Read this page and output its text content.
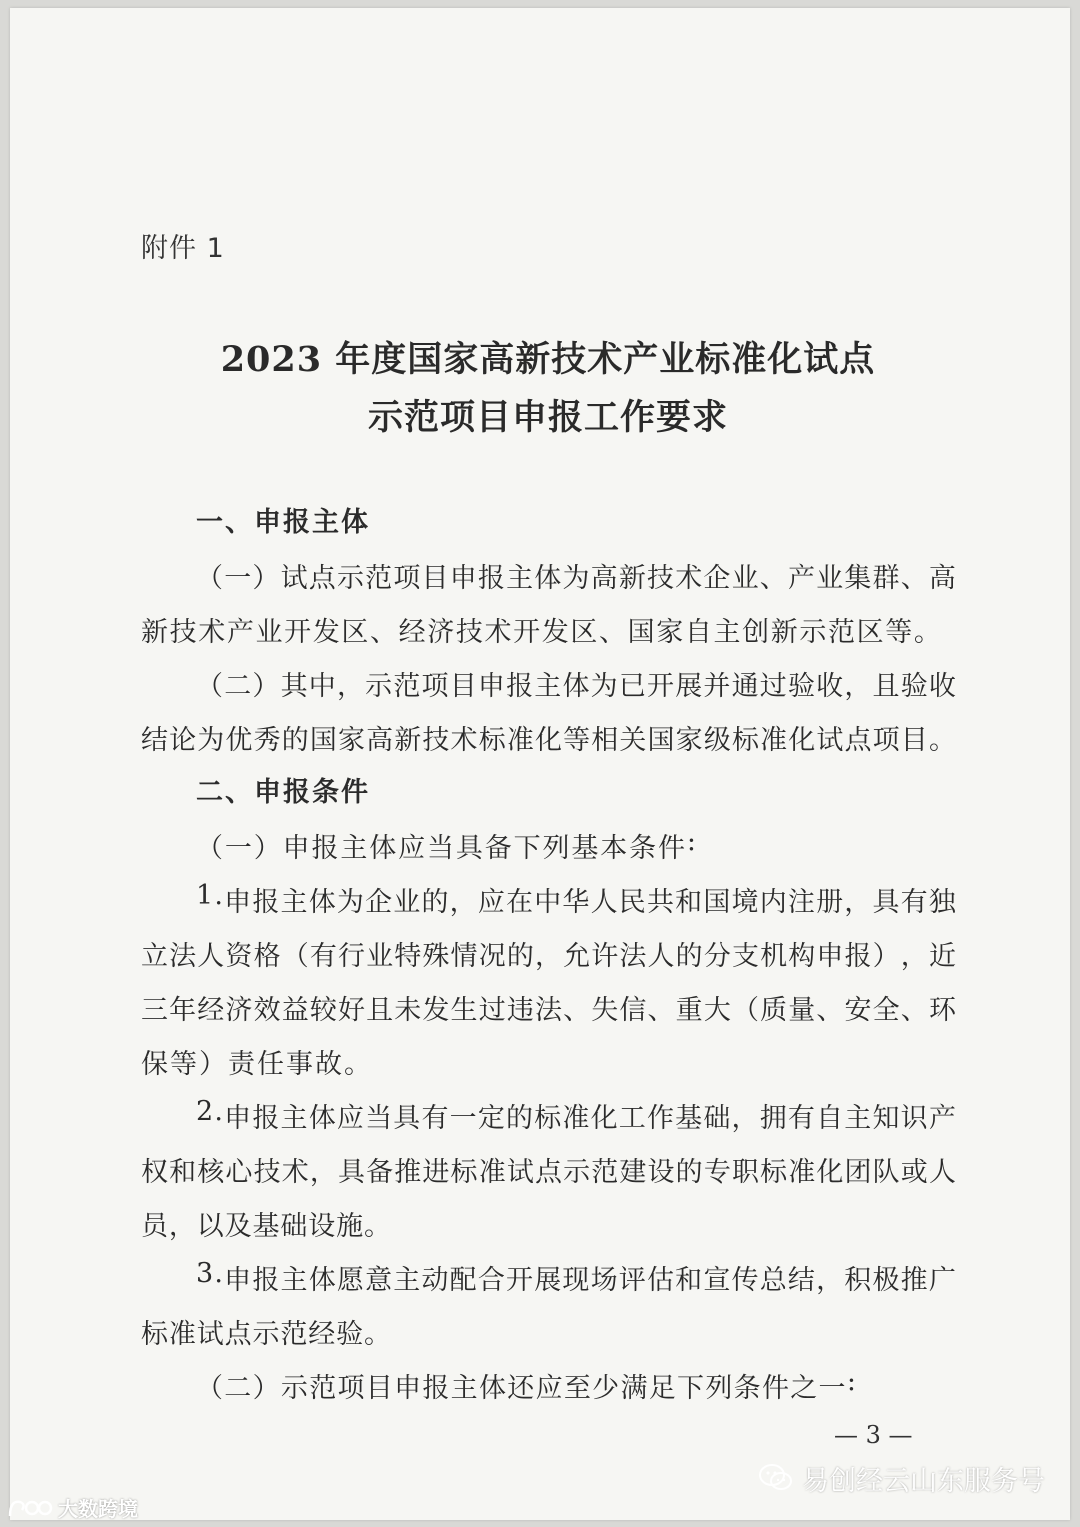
附件 1
2023 年度国家高新技术产业标准化试点
示范项目申报工作要求
一、申报主体
（ 一 ） 试 点 示 范 项 目 申 报 主 体 为 高 新 技 术 企 业 、 产 业 集 群 、 高
新 技 术 产 业 开 发 区 、 经 济 技 术 开 发 区 、 国 家 自 主 创 新 示 范 区 等 。
（ 二 ） 其 中 ， 示 范 项 目 申 报 主 体 为 已 开 展 并 通 过 验 收 ， 且 验 收
结 论 为 优 秀 的 国 家 高 新 技 术 标 准 化 等 相 关 国 家 级 标 准 化 试 点 项 目 。
二、申报条件
（ 一 ） 申 报 主 体 应 当 具 备 下 列 基 本 条 件 :
1 . 申 报 主 体 为 企 业 的 ， 应 在 中 华 人 民 共 和 国 境 内 注 册 ， 具 有 独
立 法 人 资 格 （ 有 行 业 特 殊 情 况 的 ， 允 许 法 人 的 分 支 机 构 申 报 ） ， 近
三 年 经 济 效 益 较 好 且 未 发 生 过 违 法 、 失 信 、 重 大 （ 质 量 、 安 全 、 环
保 等 ） 责 任 事 故 。
2 . 申 报 主 体 应 当 具 有 一 定 的 标 准 化 工 作 基 础 ， 拥 有 自 主 知 识 产
权 和 核 心 技 术 ， 具 备 推 进 标 准 试 点 示 范 建 设 的 专 职 标 准 化 团 队 或 人
员 ， 以 及 基 础 设 施 。
3 . 申 报 主 体 愿 意 主 动 配 合 开 展 现 场 评 估 和 宣 传 总 结 ， 积 极 推 广
标 准 试 点 示 范 经 验 。
（ 二 ） 示 范 项 目 申 报 主 体 还 应 至 少 满 足 下 列 条 件 之 一 :
— 3 —
易创经云山东服务号
大数跨境
